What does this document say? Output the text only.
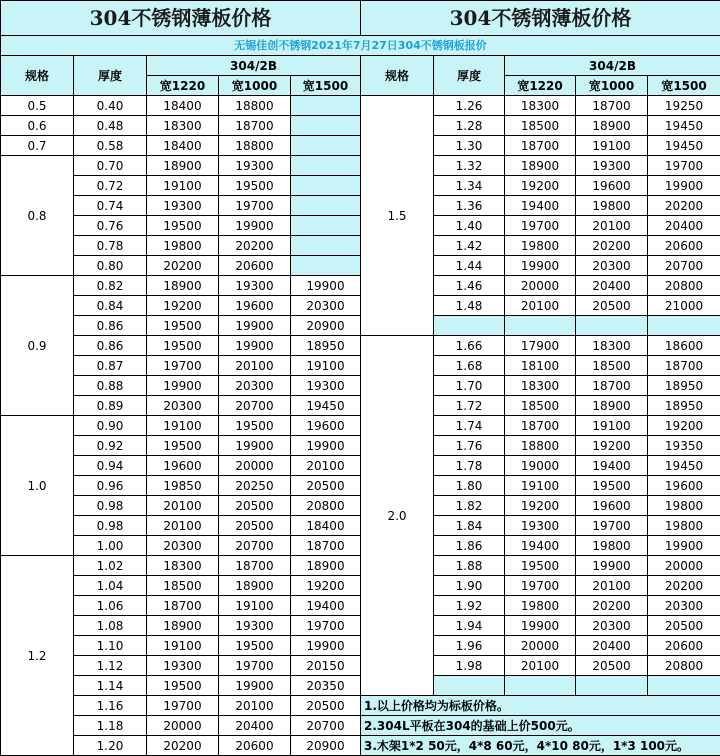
304不锈钢薄板价格					304不锈钢薄板价格				
无锡佳创不锈钢2021年7月27日304不锈钢板报价									
规格	厚度	304/2B			规格	厚度	304/2B		
		宽1220	宽1000	宽1500			宽1220	宽1000	宽1500
0.5	0.40	18400	18800		1.5	1.26	18300	18700	19250
0.6	0.48	18300	18700			1.28	18500	18900	19450
0.7	0.58	18400	18800			1.30	18700	19100	19450
0.8	0.70	18900	19300			1.32	18900	19300	19700
	0.72	19100	19500			1.34	19200	19600	19900
	0.74	19300	19700			1.36	19400	19800	20200
	0.76	19500	19900			1.40	19700	20100	20400
	0.78	19800	20200			1.42	19800	20200	20600
	0.80	20200	20600			1.44	19900	20300	20700
0.9	0.82	18900	19300	19900		1.46	20000	20400	20800
	0.84	19200	19600	20300		1.48	20100	20500	21000
	0.86	19500	19900	20900					
	0.86	19500	19900	18950	2.0	1.66	17900	18300	18600
	0.87	19700	20100	19100		1.68	18100	18500	18700
	0.88	19900	20300	19300		1.70	18300	18700	18950
	0.89	20300	20700	19450		1.72	18500	18900	18950
1.0	0.90	19100	19500	19600		1.74	18700	19100	19200
	0.92	19500	19900	19900		1.76	18800	19200	19350
	0.94	19600	20000	20100		1.78	19000	19400	19450
	0.96	19850	20250	20500		1.80	19100	19500	19600
	0.98	20100	20500	20800		1.82	19200	19600	19800
	0.98	20100	20500	18400		1.84	19300	19700	19800
	1.00	20300	20700	18700		1.86	19400	19800	19900
1.2	1.02	18300	18700	18900		1.88	19500	19900	20000
	1.04	18500	18900	19200		1.90	19700	20100	20200
	1.06	18700	19100	19400		1.92	19800	20200	20300
	1.08	18900	19300	19700		1.94	19900	20300	20500
	1.10	19100	19500	19900		1.96	20000	20400	20600
	1.12	19300	19700	20150		1.98	20100	20500	20800
	1.14	19500	19900	20350					
	1.16	19700	20100	20500	1.以上价格均为标板价格。				
	1.18	20000	20400	20700	2.304L平板在304的基础上价500元。				
	1.20	20200	20600	20900	3.木架1*2 50元，4*8 60元，4*10 80元，1*3 100元。				
